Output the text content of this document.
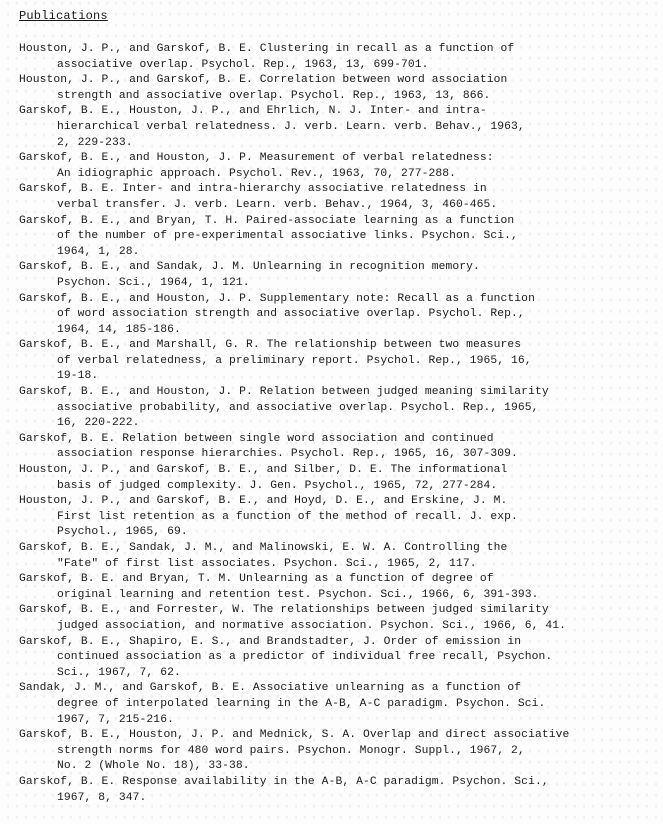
Publications
Houston, J. P., and Garskof, B. E. Clustering in recall as a function of
associative overlap. Psychol. Rep., 1963, 13, 699-701.
Houston, J. P., and Garskof, B. E. Correlation between word association
strength and associative overlap. Psychol. Rep., 1963, 13, 866.
Garskof, B. E., Houston, J. P., and Ehrlich, N. J. Inter- and intra-
hierarchical verbal relatedness. J. verb. Learn. verb. Behav., 1963,
2, 229-233.
Garskof, B. E., and Houston, J. P. Measurement of verbal relatedness:
An idiographic approach. Psychol. Rev., 1963, 70, 277-288.
Garskof, B. E. Inter- and intra-hierarchy associative relatedness in
verbal transfer. J. verb. Learn. verb. Behav., 1964, 3, 460-465.
Garskof, B. E., and Bryan, T. H. Paired-associate learning as a function
of the number of pre-experimental associative links. Psychon. Sci.,
1964, 1, 28.
Garskof, B. E., and Sandak, J. M. Unlearning in recognition memory.
Psychon. Sci., 1964, 1, 121.
Garskof, B. E., and Houston, J. P. Supplementary note: Recall as a function
of word association strength and associative overlap. Psychol. Rep.,
1964, 14, 185-186.
Garskof, B. E., and Marshall, G. R. The relationship between two measures
of verbal relatedness, a preliminary report. Psychol. Rep., 1965, 16,
19-18.
Garskof, B. E., and Houston, J. P. Relation between judged meaning similarity
associative probability, and associative overlap. Psychol. Rep., 1965,
16, 220-222.
Garskof, B. E. Relation between single word association and continued
association response hierarchies. Psychol. Rep., 1965, 16, 307-309.
Houston, J. P., and Garskof, B. E., and Silber, D. E. The informational
basis of judged complexity. J. Gen. Psychol., 1965, 72, 277-284.
Houston, J. P., and Garskof, B. E., and Hoyd, D. E., and Erskine, J. M.
First list retention as a function of the method of recall. J. exp.
Psychol., 1965, 69.
Garskof, B. E., Sandak, J. M., and Malinowski, E. W. A. Controlling the
"Fate" of first list associates. Psychon. Sci., 1965, 2, 117.
Garskof, B. E. and Bryan, T. M. Unlearning as a function of degree of
original learning and retention test. Psychon. Sci., 1966, 6, 391-393.
Garskof, B. E., and Forrester, W. The relationships between judged similarity
judged association, and normative association. Psychon. Sci., 1966, 6, 41.
Garskof, B. E., Shapiro, E. S., and Brandstadter, J. Order of emission in
continued association as a predictor of individual free recall, Psychon.
Sci., 1967, 7, 62.
Sandak, J. M., and Garskof, B. E. Associative unlearning as a function of
degree of interpolated learning in the A-B, A-C paradigm. Psychon. Sci.
1967, 7, 215-216.
Garskof, B. E., Houston, J. P. and Mednick, S. A. Overlap and direct associative
strength norms for 480 word pairs. Psychon. Monogr. Suppl., 1967, 2,
No. 2 (Whole No. 18), 33-38.
Garskof, B. E. Response availability in the A-B, A-C paradigm. Psychon. Sci.,
1967, 8, 347.
